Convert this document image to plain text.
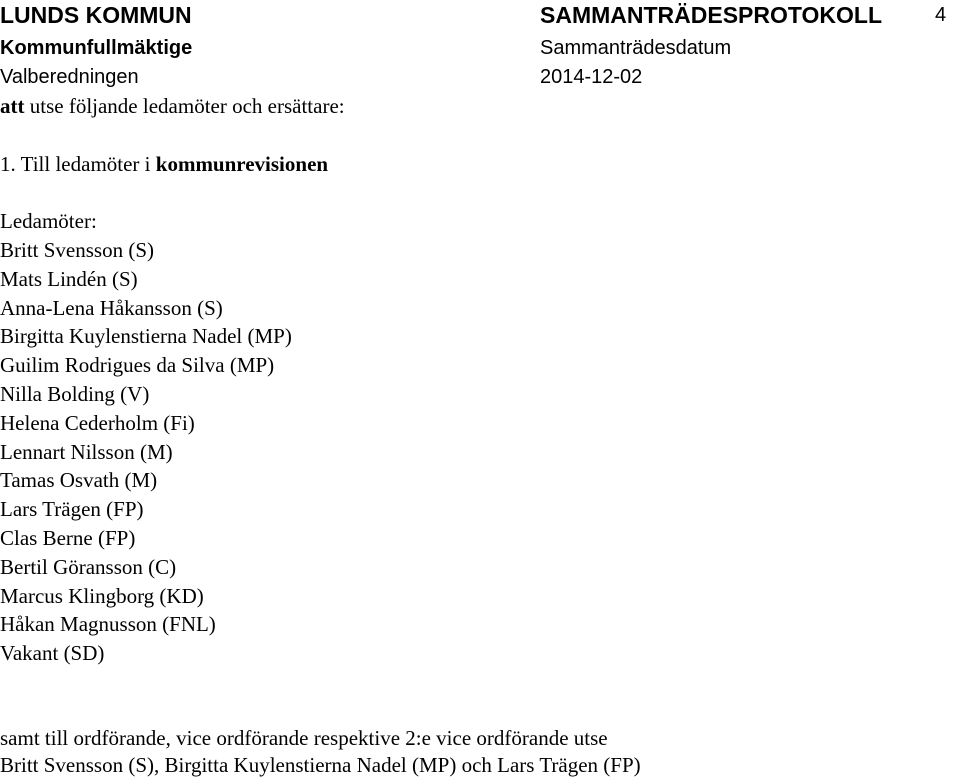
LUNDS KOMMUN	SAMMANTRÄDESPROTOKOLL	4
Kommunfullmäktige	Sammanträdesdatum
Valberedningen	2014-12-02
att utse följande ledamöter och ersättare:
1. Till ledamöter i kommunrevisionen
Ledamöter:
Britt Svensson (S)
Mats Lindén (S)
Anna-Lena Håkansson (S)
Birgitta Kuylenstierna Nadel (MP)
Guilim Rodrigues da Silva (MP)
Nilla Bolding (V)
Helena Cederholm (Fi)
Lennart Nilsson (M)
Tamas Osvath (M)
Lars Trägen (FP)
Clas Berne (FP)
Bertil Göransson (C)
Marcus Klingborg (KD)
Håkan Magnusson (FNL)
Vakant (SD)
samt till ordförande, vice ordförande respektive 2:e vice ordförande utse
Britt Svensson (S), Birgitta Kuylenstierna Nadel (MP) och Lars Trägen (FP)
